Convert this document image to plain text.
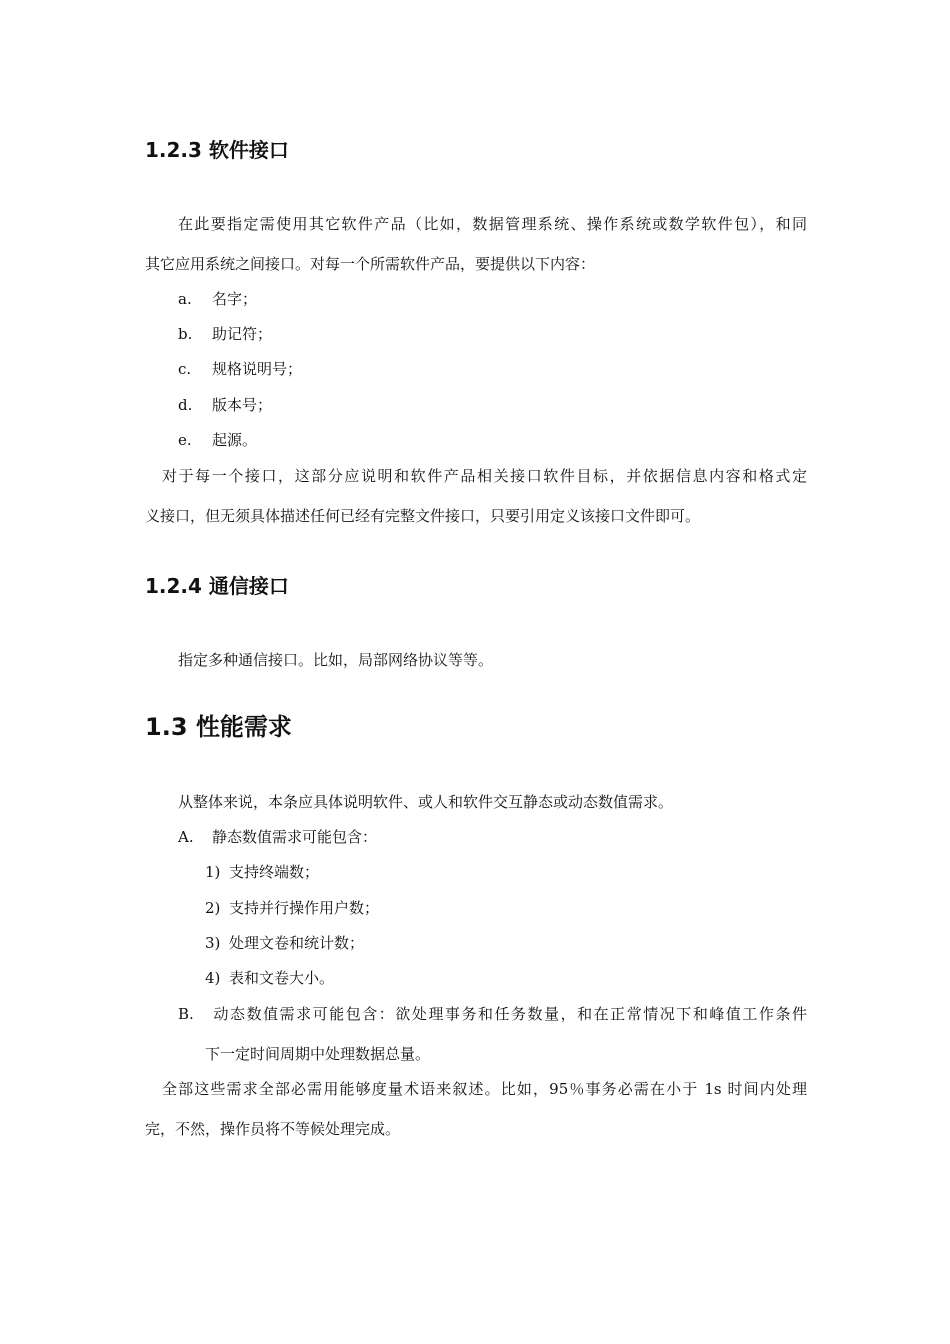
1.2.3 软件接口
在此要指定需使用其它软件产品（比如，数据管理系统、操作系统或数学软件包），和同
其它应用系统之间接口。对每一个所需软件产品，要提供以下内容：
a. 名字；
b. 助记符；
c. 规格说明号；
d. 版本号；
e. 起源。
对于每一个接口，这部分应说明和软件产品相关接口软件目标，并依据信息内容和格式定
义接口，但无须具体描述任何已经有完整文件接口，只要引用定义该接口文件即可。
1.2.4 通信接口
指定多种通信接口。比如，局部网络协议等等。
1.3 性能需求
从整体来说，本条应具体说明软件、或人和软件交互静态或动态数值需求。
A. 静态数值需求可能包含：
1) 支持终端数；
2) 支持并行操作用户数；
3) 处理文卷和统计数；
4) 表和文卷大小。
B. 动态数值需求可能包含：欲处理事务和任务数量，和在正常情况下和峰值工作条件
下一定时间周期中处理数据总量。
全部这些需求全部必需用能够度量术语来叙述。比如，95％事务必需在小于 1s 时间内处理
完，不然，操作员将不等候处理完成。
